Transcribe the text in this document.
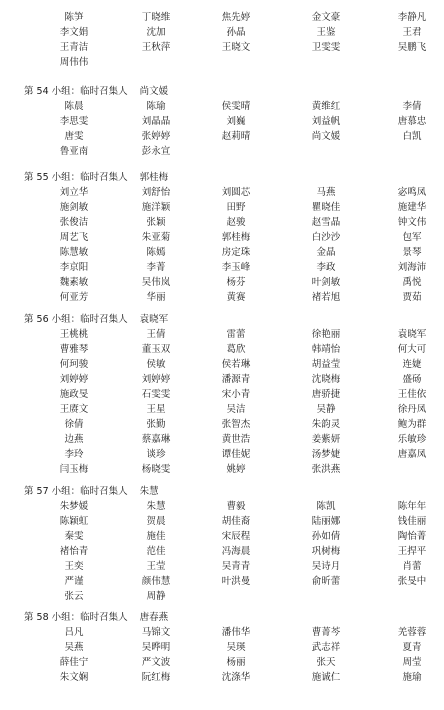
陈笋	丁晓维	焦先婷	金文豪	李静凡
李文娟	沈加	孙晶	王鉴	王君
王青洁	王秋萍	王晓文	卫雯雯	吴鹏飞
周伟伟
第 54 小组：临时召集人 尚文媛
陈晨	陈瑜	侯雯晴	黄维红	李倩
李思雯	刘晶晶	刘巍	刘益帆	唐慕忠
唐雯	张婷婷	赵莉晴	尚文媛	白凯
鲁亚南	彭永宣
第 55 小组：临时召集人 郭桂梅
刘立华	刘舒怡	刘圆芯	马燕	宓鸣凤
施剑敏	施洋颖	田野	瞿晓佳	施建华
张俊洁	张颖	赵骏	赵雪晶	钟文伟
周艺飞	朱亚菊	郭桂梅	白沙沙	包军
陈慧敏	陈嫣	房定珠	金晶	景琴
李京阳	李菁	李玉峰	李政	刘海沛
魏素敏	吴伟岚	杨芬	叶剑敏	禹悦
何亚芳	华丽	黄赛	褚若旭	贾茹
第 56 小组：临时召集人 袁晓军
王桃桃	王倩	雷蕾	徐艳丽	袁晓军
曹雅琴	董玉双	葛欣	韩靖怡	何大可
何珂骏	侯敏	侯若琳	胡益莹	连婕
刘婷婷	刘婷婷	潘源青	沈晓梅	盛砀
施政旻	石雯雯	宋小青	唐骄捷	王佳依
王赓文	王星	吴洁	吴静	徐丹凤
徐倩	张勤	张智杰	朱韵灵	鲍为群
边燕	蔡嘉琳	黄世浩	姜紫妍	乐敏珍
李玲	谈珍	谭佳妮	汤梦婕	唐嘉凤
闫玉梅	杨晓雯	姚婷	张洪燕
第 57 小组：临时召集人 朱慧
朱梦媛	朱慧	曹毅	陈凯	陈年年
陈颖虹	贺晨	胡佳裔	陆丽娜	钱佳丽
秦雯	施佳	宋辰程	孙如倩	陶怡菁
褚怡青	范佳	冯海晨	巩树梅	王捍平
王奕	王莹	吴青青	吴诗月	肖蕾
严谨	颜伟慧	叶洪曼	俞昕蕾	张旻中
张云	周静
第 58 小组：临时召集人 唐春燕
吕凡	马锦文	潘伟华	曹菁芩	羌蓉蓉
吴燕	吴晔明	吴瑛	武志祥	夏青
薛佳宁	严文波	杨丽	张天	周莹
朱文娴	阮红梅	沈涤华	施诚仁	施瑜
